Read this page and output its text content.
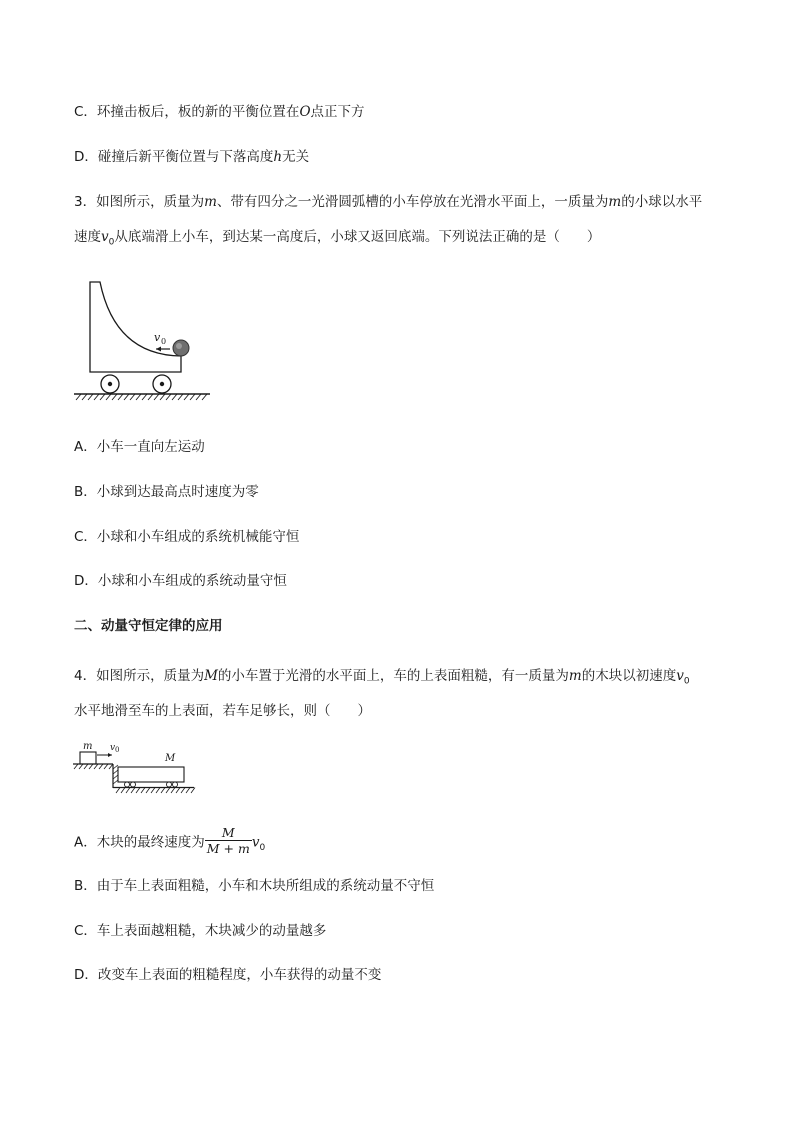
C．环撞击板后，板的新的平衡位置在O点正下方
D．碰撞后新平衡位置与下落高度h无关
3．如图所示，质量为m、带有四分之一光滑圆弧槽的小车停放在光滑水平面上，一质量为m的小球以水平
速度$v_0$从底端滑上小车，到达某一高度后，小球又返回底端。下列说法正确的是（　　）
v 0
A．小车一直向左运动
B．小球到达最高点时速度为零
C．小球和小车组成的系统机械能守恒
D．小球和小车组成的系统动量守恒
二、动量守恒定律的应用
4．如图所示，质量为M的小车置于光滑的水平面上，车的上表面粗糙，有一质量为m的木块以初速度$v_0$
水平地滑至车的上表面，若车足够长，则（　　）
m v 0
M
A．木块的最终速度为 $\frac{M}{M + m} v_0$
B．由于车上表面粗糙，小车和木块所组成的系统动量不守恒
C．车上表面越粗糙，木块减少的动量越多
D．改变车上表面的粗糙程度，小车获得的动量不变
